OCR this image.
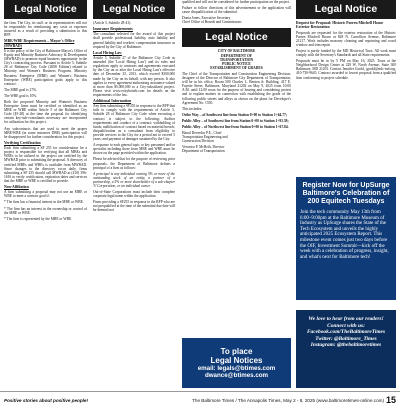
Legal Notice

the firm. The City, its staff, or its representatives will not be responsible for reimbursing any costs or expenses incurred as a result of providing a submission to this RFP.

MBE/WBE Requirements – Mayor's Office (MWBAD)

It is the policy of the City of Baltimore Mayor's Office of Equity and Minority Business Advocacy & Development (MWBAD) to promote equal business opportunity in the City's contracting process. Pursuant to Article 5, Subtitle 28 of Baltimore City Code (2008 Edition) related to Minority and Women's Business Program, Minority Business Enterprise (MBE) and Women's Business Enterprise (WBE) participation goals apply to this contract.

The MBE goal is 27%.

The WBE goal is 10%.

Both the proposed Minority and Women's Business Enterprise firms must be certified or identified as an MBE or WBE within Article 5 of the Baltimore City Code (§5-28) at the time the proposal for identifying certain key-sub-consultants necessary are incorporated for utilization for this project.

Any subcontracts that are used to meet the proper MBE/WBE (in some instances DBE) participation will be disapproved for further consideration for this project.

Verifying Certification

Each firm submitting a SF 255 for consideration for a project is responsible for verifying that all MBEs and WBEs to be utilized in the project are certified by the MWBAD prior to submitting the proposal. A directory of certified MBEs and WBEs is available from MWBAD. Since changes to the directory occur daily, firms submitting a SF 255 should call MWBAD at (410) 396-1616 to verify certification, expiration dates and services that the MBE or WBE is certified to provide.

Non-Affiliation

A firm submitting a proposal may not use an MBE or WBE to meet a contract goal if:

* The firm has a financial interest in the MBE or WBE.

* The firm has an interest in the ownership or control of the MBE or WBE.

* The firm is represented by the MBE or WBE.

Legal Notice

(Article 5, Subtitle 28-41).

Insurance Requirements

The consultant selected for the award of this project shall provide professional liability, auto liability and general liability and workers' compensation insurance as required by the City of Baltimore.

Local Hiring Law

Article 5, Subtitle 27 of the Baltimore City Code as amended (the 'Local Hiring Law') and its rules and regulations apply to contracts and agreements executed by the City on or after the Local Hiring Law's effective date of December 25, 2013, which exceed $300,000 made by the City on its behalf, with any person. It also applies to every agreement authorizing assistance valued at more than $5,000,000 to a City-subsidized project. Please visit www.ecitybotteh.com for details on the requirements of the law.

Additional Information

Any firm submitting a SF255 in response to the RFP that fails to comply with the requirements of Article 5, Subtitle 28 of Baltimore City Code when executing a contract is subject to the following: Auditor requirements and conduct of a contract; withholding of funds; nullification of contract based on material breach; disqualification as a consultant from eligibility to provide services to the City for a period not to exceed 5 years; and payment of damages sustained by the City.

A response to each general topic or key personnel and/or specialist including those from MBE and WBE must be shown on the page provided within the application.

Please be advised that for the purpose of reviewing prior proposals, the Department of Baltimore defines a principal of a firm as follows:

A principal is any individual owning 5% or more of the outstanding stock of an entity, a partner of a partnership, a 5% or more shareholder of a sub-chapter 'S' Corporation, or an individual owner.

Out-of-State Corporations must include their complete corporate legal name within the application.

Firms providing a SF255 in response to the RFP who are not prequalified at the time of the submittal due date will be deemed not

qualified and will not be considered for further participation on the project.

Failure to follow directions of this advertisement or the application will cause disqualification of the submittal.

Donta Jones, Executive Secretary

Chief Office of Boards and Commissions

Legal Notice

CITY OF BALTIMORE

DEPARTMENT OF

TRANSPORTATION

PUBLIC NOTICE

ESTABLISHMENT OF GRADES

The Chief of the Transportation and Construction Engineering Division, designee of the Director of Baltimore City Department of Transportation, will be in his office, Room 500 Charles L. Benton Jr. Building, 417 E. Fayette Street, Baltimore, Maryland 21202 on May 9, 2025 from 10:00 A.M. until 12:00 noon for the purpose of hearing and considering protest and to explain matters in connection with establishing the grade of the following public streets and alleys as shown on the plans for Developer's Agreement No. 1550.

This includes:

Oribe Way – of Southwest line from Station 0+00 to Station 1+64.77;

Public Alley – of Southwest line from Station 0+00 to Station 1+93.39;

Public Alley – of Northwest line from Station 0+00 to Station 1+67.84.

Hanul Deverdor P.E., Chief

Transportation Engineering and

Construction Division

Veronica P. McBeth, Director

Department of Transportation

To place
Legal Notices
email: legals@btimes.com
dwance@btimes.com
Legal Notice

Request for Proposal: Historic Parren Mitchell House Exterior Restoration

Proposals are requested for the exterior restoration of the Historic Parren Mitchell House at 828 N. Carrollton Avenue, Baltimore 21217. Work includes masonry cleaning and repointing and wood window and trim repair.

Project is partly funded by the MD Historical Trust. All work must comply with the Secretary's Standards and all State requirements.

Proposals must be in by 5 PM on May 16, 2025. Tours at the Neighborhood Design Center at 229 W. North Avenue, Suite 300 Baltimore, MD 21201. Contact Jennifer Goold, jgoold@ndc-md.org, 410-730-9645. Contract awarded to lowest proposal from a qualified firm conforming to project schedule.

Register Now for UpSurge
Baltimore's Celebration of
200 Equitech Tuesdays

Join the tech community May 13th from 6:00–9:00pm at the Baltimore Museum of Industry as UpSurge shares the State of the Tech Ecosystem and unveils the highly anticipated 2025 Ecosystem Report. This milestone event comes just two days before the OIF, Investment Summit—kick off the week with a celebration of progress, insight, and what's next for Baltimore tech!

We love to hear from our readers!
Connect with us:
Facebook.com/TheBaltimoreTimes
Twitter: @Baltimore_Times
Instagram: @thebaltimoretimes
Positive stories about positive people!	The Baltimore Times / The Annapolis Times, May 2 - 8, 2025 (www.baltimoretimes-online.com) 15
